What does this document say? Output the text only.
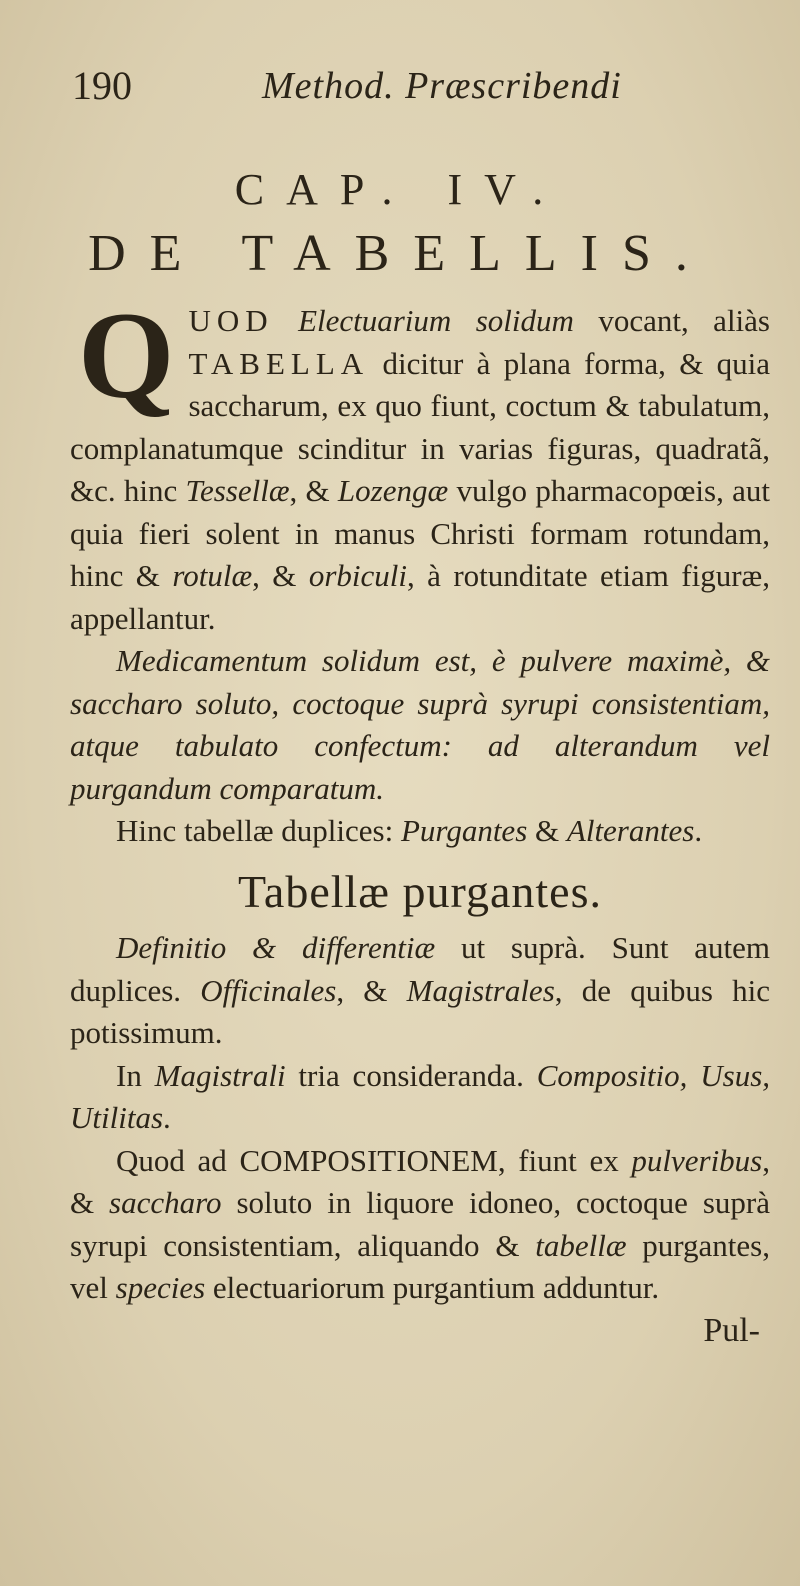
190	Method. Præscribendi
CAP. IV.
DE TABELLIS.

QUOD Electuarium solidum vocant, aliàs TABELLA dicitur à plana forma, & quia saccharum, ex quo fiunt, coctum & tabulatum, complanatumque scinditur in varias figuras, quadratã, &c. hinc Tessellæ, & Lozengæ vulgo pharmacopœis, aut quia fieri solent in manus Christi formam rotundam, hinc & rotulæ, & orbiculi, à rotunditate etiam figuræ, appellantur.

Medicamentum solidum est, è pulvere maximè, & saccharo soluto, coctoque suprà syrupi consistentiam, atque tabulato confectum: ad alterandum vel purgandum comparatum.

Hinc tabellæ duplices: Purgantes & Alterantes.

Tabellæ purgantes.

Definitio & differentiæ ut suprà. Sunt autem duplices. Officinales, & Magistrales, de quibus hic potissimum.

In Magistrali tria consideranda. Compositio, Usus, Utilitas.

Quod ad COMPOSITIONEM, fiunt ex pulveribus, & saccharo soluto in liquore idoneo, coctoque suprà syrupi consistentiam, aliquando & tabellæ purgantes, vel species electuariorum purgantium adduntur.

Pul-
